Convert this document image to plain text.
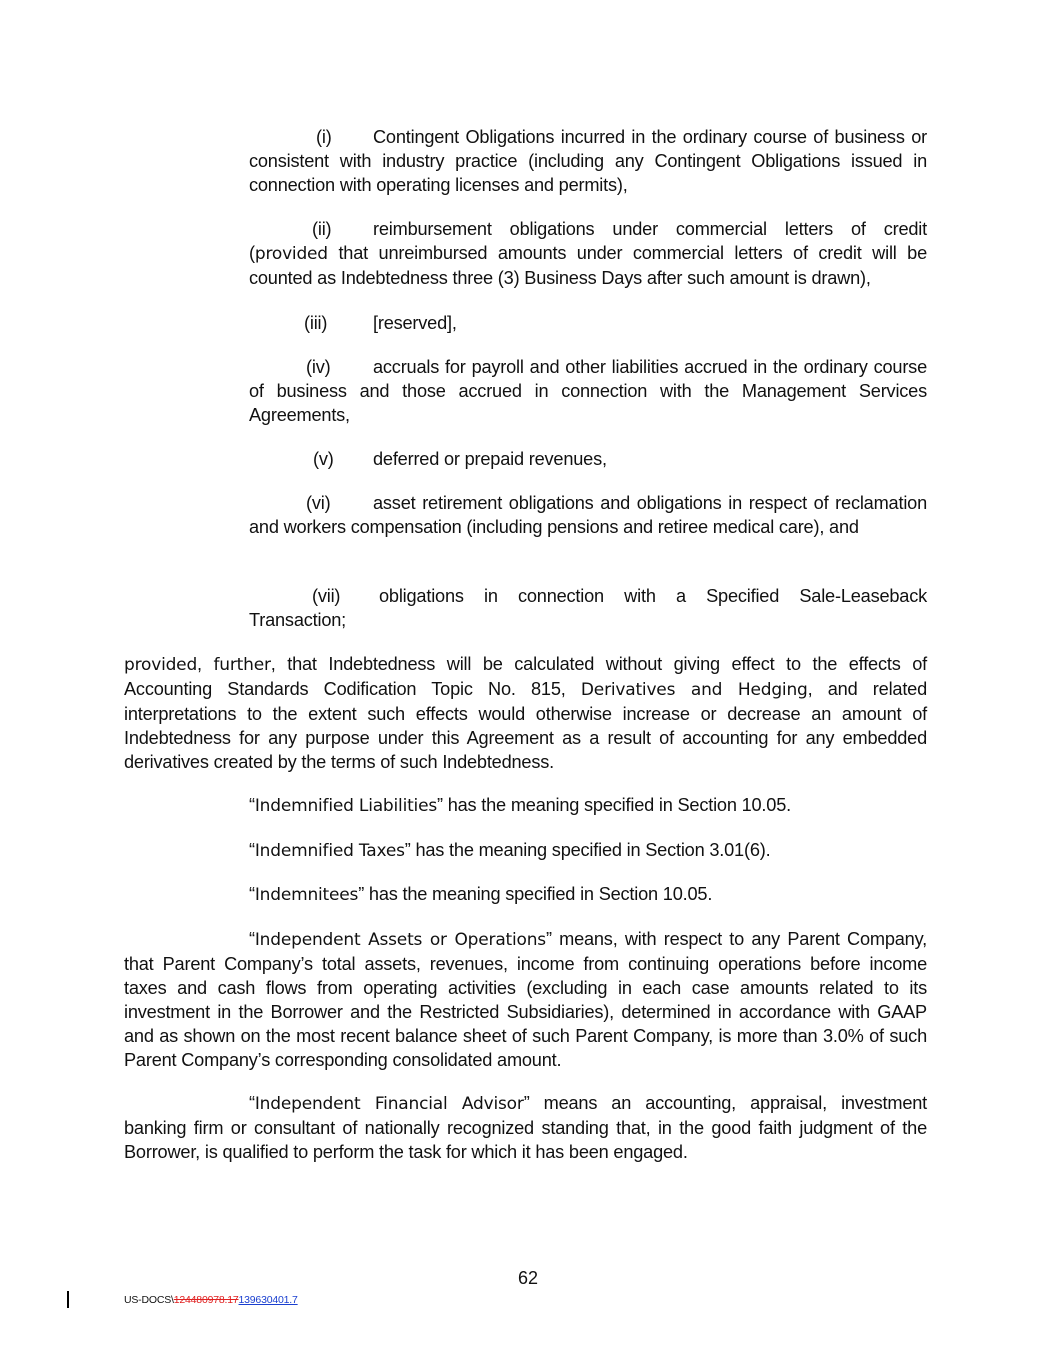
(i) Contingent Obligations incurred in the ordinary course of business or consistent with industry practice (including any Contingent Obligations issued in connection with operating licenses and permits),

(ii) reimbursement obligations under commercial letters of credit (provided that unreimbursed amounts under commercial letters of credit will be counted as Indebtedness three (3) Business Days after such amount is drawn),

(iii)	[reserved],

(iv) accruals for payroll and other liabilities accrued in the ordinary course of business and those accrued in connection with the Management Services Agreements,

(v) deferred or prepaid revenues,

(vi) asset retirement obligations and obligations in respect of reclamation and workers compensation (including pensions and retiree medical care), and

(vii) obligations in connection with a Specified Sale-Leaseback Transaction;

provided, further, that Indebtedness will be calculated without giving effect to the effects of Accounting Standards Codification Topic No. 815, Derivatives and Hedging, and related interpretations to the extent such effects would otherwise increase or decrease an amount of Indebtedness for any purpose under this Agreement as a result of accounting for any embedded derivatives created by the terms of such Indebtedness.

“Indemnified Liabilities” has the meaning specified in Section 10.05.

“Indemnified Taxes” has the meaning specified in Section 3.01(6).

“Indemnitees” has the meaning specified in Section 10.05.

“Independent Assets or Operations” means, with respect to any Parent Company, that Parent Company’s total assets, revenues, income from continuing operations before income taxes and cash flows from operating activities (excluding in each case amounts related to its investment in the Borrower and the Restricted Subsidiaries), determined in accordance with GAAP and as shown on the most recent balance sheet of such Parent Company, is more than 3.0% of such Parent Company’s corresponding consolidated amount.

“Independent Financial Advisor” means an accounting, appraisal, investment banking firm or consultant of nationally recognized standing that, in the good faith judgment of the Borrower, is qualified to perform the task for which it has been engaged.

62
US-DOCS\124480978.17139630401.7
